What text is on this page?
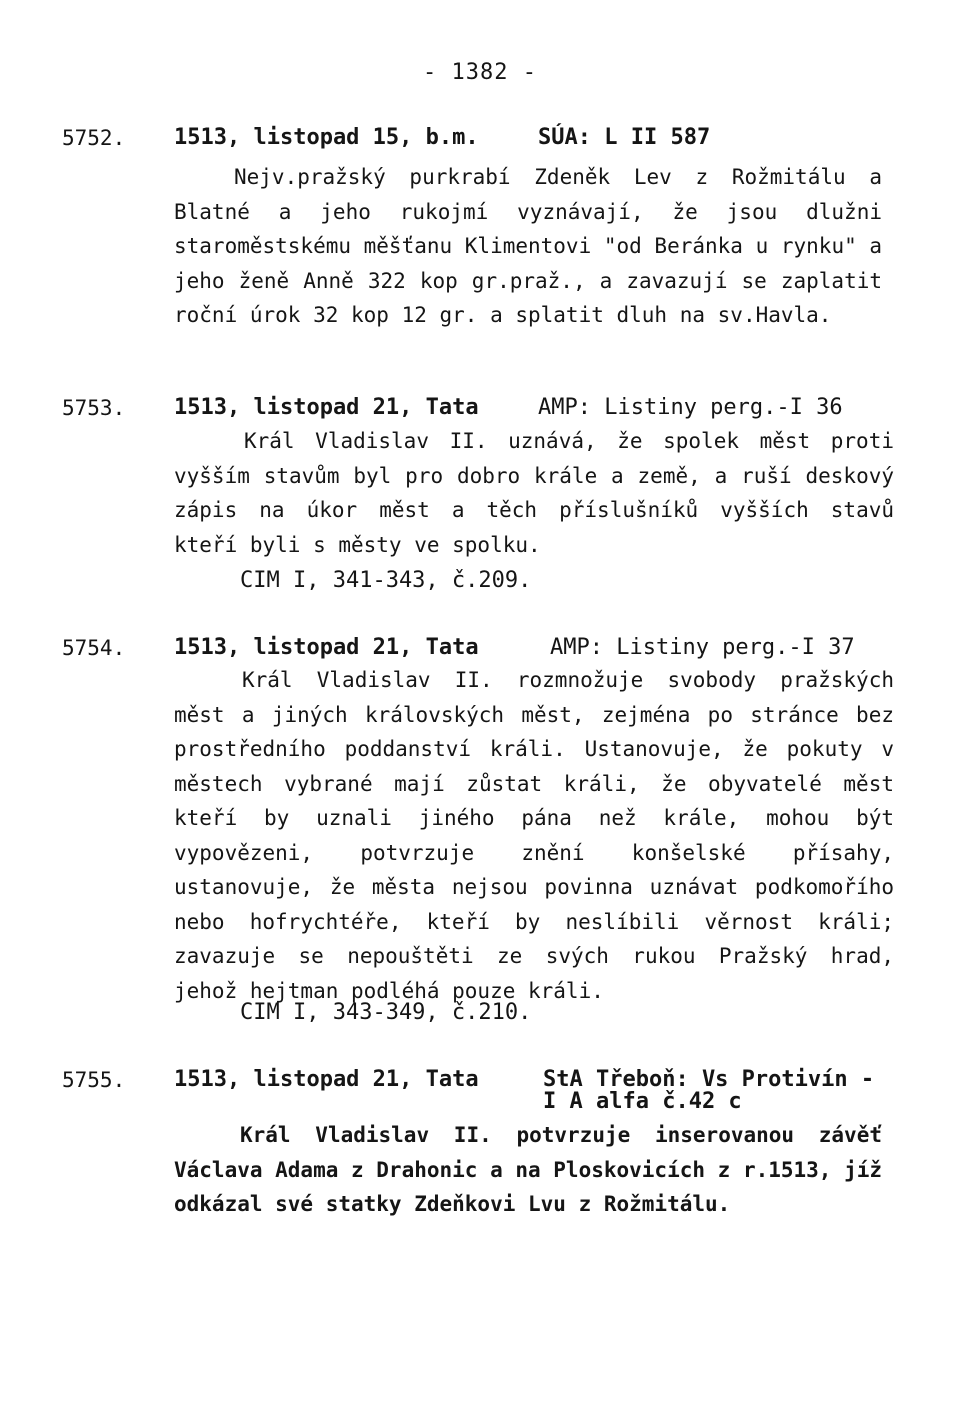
- 1382 -
5752. 1513, listopad 15, b.m.	SÚA: L II 587
Nejv.pražský purkrabí Zdeněk Lev z Rožmitálu a Blatné a jeho rukojmí vyznávají, že jsou dlužni staroměstskému měšťanu Klimentovi "od Beránka u rynku" a jeho ženě Anně 322 kop gr.praž., a zavazují se zaplatit roční úrok 32 kop 12 gr. a splatit dluh na sv.Havla.
5753. 1513, listopad 21, Tata	AMP: Listiny perg.-I 36
Král Vladislav II. uznává, že spolek měst proti vyšším stavům byl pro dobro krále a země, a ruší deskový zápis na úkor měst a těch příslušníků vyšších stavů kteří byli s městy ve spolku.
CIM I, 341-343, č.209.
5754. 1513, listopad 21, Tata	AMP: Listiny perg.-I 37
Král Vladislav II. rozmnožuje svobody pražských měst a jiných královských měst, zejména po stránce bez prostředního poddanství králi. Ustanovuje, že pokuty v městech vybrané mají zůstat králi, že obyvatelé měst kteří by uznali jiného pána než krále, mohou být vypovězeni, potvrzuje znění konšelské přísahy, ustanovuje, že města nejsou povinna uznávat podkomořího nebo hofrychtéře, kteří by neslíbili věrnost králi; zavazuje se nepouštěti ze svých rukou Pražský hrad, jehož hejtman podléhá pouze králi.
CIM I, 343-349, č.210.
5755. 1513, listopad 21, Tata	StA Třeboň: Vs Protivín -
I A alfa č.42 c
Král Vladislav II. potvrzuje inserovanou závěť Václava Adama z Drahonic a na Ploskovicích z r.1513, jíž odkázal své statky Zdeňkovi Lvu z Rožmitálu.
